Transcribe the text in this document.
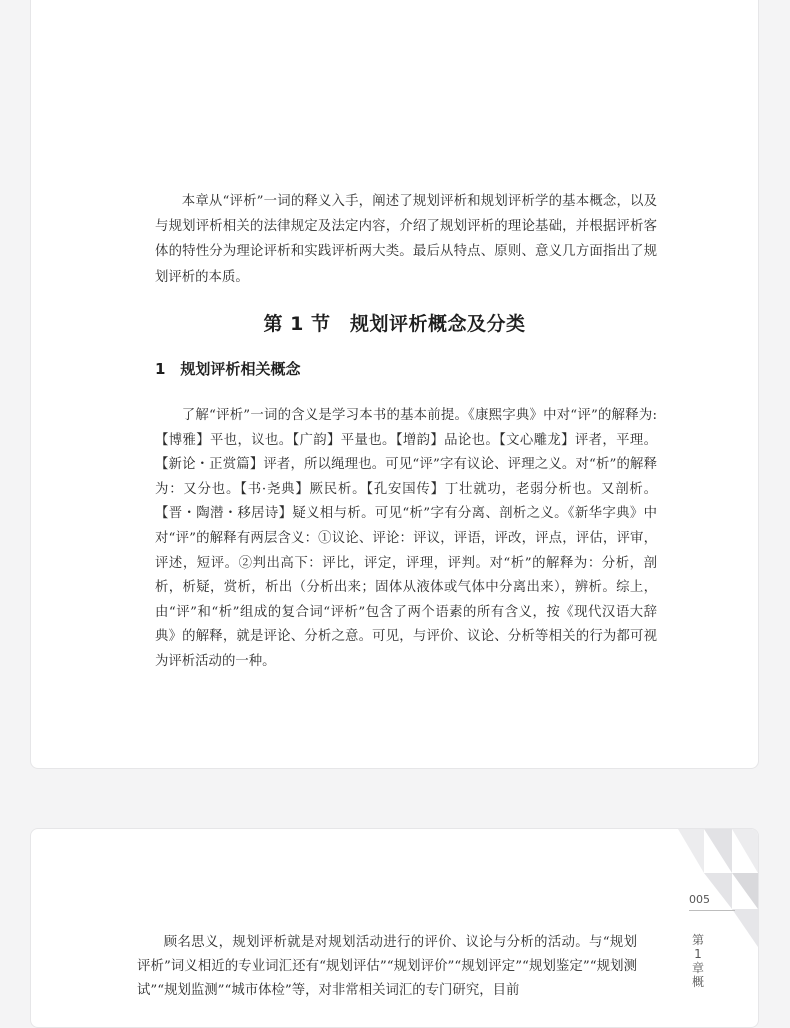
本章从“评析”一词的释义入手，阐述了规划评析和规划评析学的基本概念，以及与规划评析相关的法律规定及法定内容，介绍了规划评析的理论基础，并根据评析客体的特性分为理论评析和实践评析两大类。最后从特点、原则、意义几方面指出了规划评析的本质。

第 1 节　规划评析概念及分类
1　规划评析相关概念

了解“评析”一词的含义是学习本书的基本前提。《康熙字典》中对“评”的解释为:【博雅】平也，议也。【广韵】平量也。【增韵】品论也。【文心雕龙】评者，平理。【新论・正赏篇】评者，所以绳理也。可见“评”字有议论、评理之义。对“析”的解释为：又分也。【书·尧典】厥民析。【孔安国传】丁壮就功，老弱分析也。又剖析。【晋・陶潜・移居诗】疑义相与析。可见“析”字有分离、剖析之义。《新华字典》中对“评”的解释有两层含义：①议论、评论：评议，评语，评改，评点，评估，评审，评述，短评。②判出高下：评比，评定，评理，评判。对“析”的解释为：分析，剖析，析疑，赏析，析出（分析出来；固体从液体或气体中分离出来），辨析。综上，由“评”和“析”组成的复合词“评析”包含了两个语素的所有含义，按《现代汉语大辞典》的解释，就是评论、分析之意。可见，与评价、议论、分析等相关的行为都可视为评析活动的一种。

005
第1章概

顾名思义，规划评析就是对规划活动进行的评价、议论与分析的活动。与“规划评析”词义相近的专业词汇还有“规划评估”“规划评价”“规划评定”“规划鉴定”“规划测试”“规划监测”“城市体检”等，对非常相关词汇的专门研究，目前
